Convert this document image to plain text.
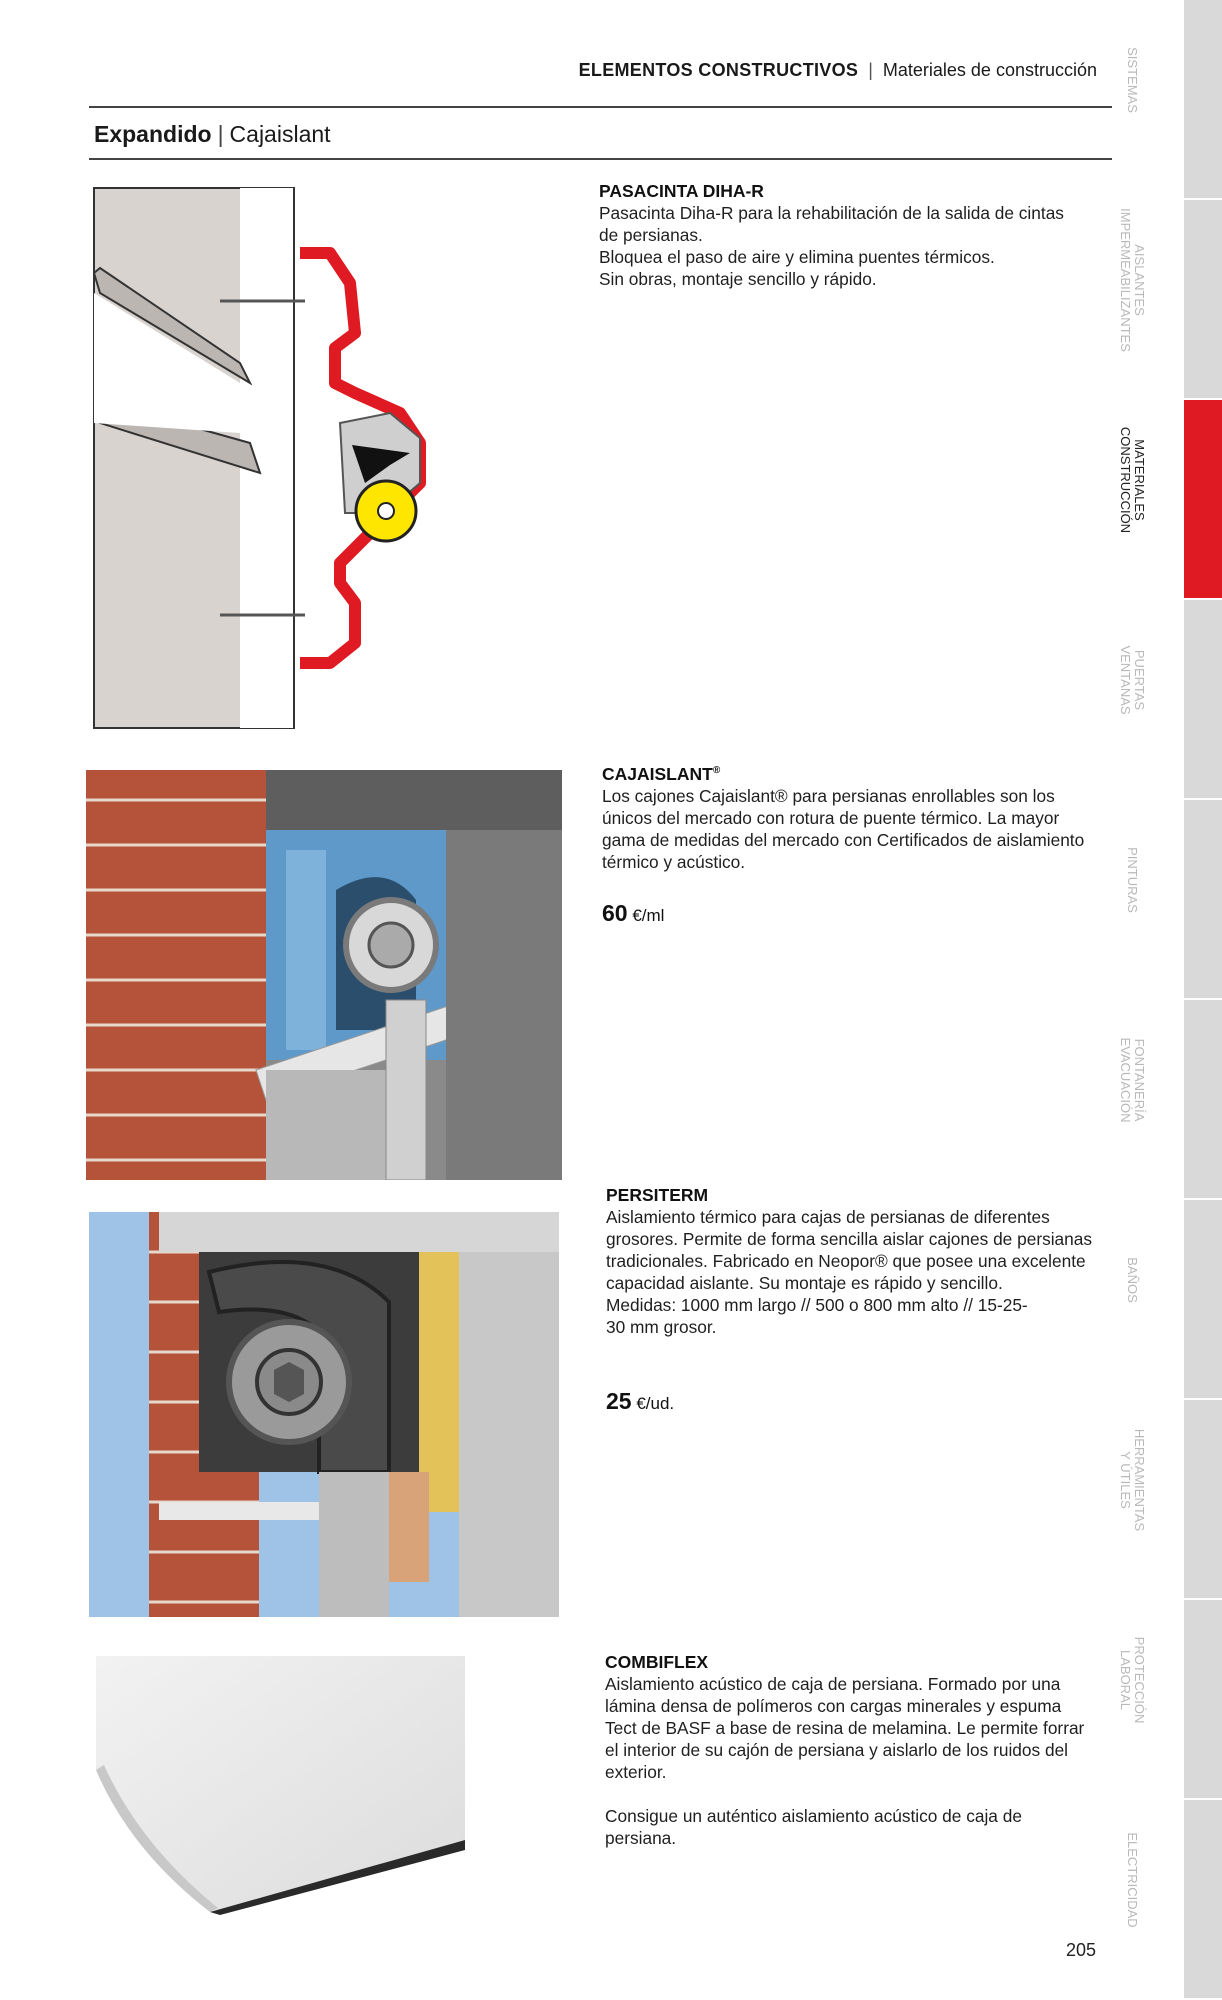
ELEMENTOS CONSTRUCTIVOS | Materiales de construcción
Expandido | Cajaislant
PASACINTA DIHA-R
Pasacinta Diha-R para la rehabilitación de la salida de cintas
de persianas.
Bloquea el paso de aire y elimina puentes térmicos.
Sin obras, montaje sencillo y rápido.
CAJAISLANT®
Los cajones Cajaislant® para persianas enrollables son los
únicos del mercado con rotura de puente térmico. La mayor
gama de medidas del mercado con Certificados de aislamiento
térmico y acústico.
60 €/ml
PERSITERM
Aislamiento térmico para cajas de persianas de diferentes
grosores. Permite de forma sencilla aislar cajones de persianas
tradicionales. Fabricado en Neopor® que posee una excelente
capacidad aislante. Su montaje es rápido y sencillo.
Medidas: 1000 mm largo // 500 o 800 mm alto // 15-25-
30 mm grosor.
25 €/ud.
COMBIFLEX
Aislamiento acústico de caja de persiana. Formado por una
lámina densa de polímeros con cargas minerales y espuma
Tect de BASF a base de resina de melamina. Le permite forrar
el interior de su cajón de persiana y aislarlo de los ruidos del
exterior.
Consigue un auténtico aislamiento acústico de caja de
persiana.
SISTEMAS
AISLANTES
IMPERMEABILIZANTES
MATERIALES
CONSTRUCCIÓN
PUERTAS
VENTANAS
PINTURAS
FONTANERÍA
EVACUACIÓN
BAÑOS
HERRAMIENTAS
Y ÚTILES
PROTECCIÓN
LABORAL
ELECTRICIDAD
205
